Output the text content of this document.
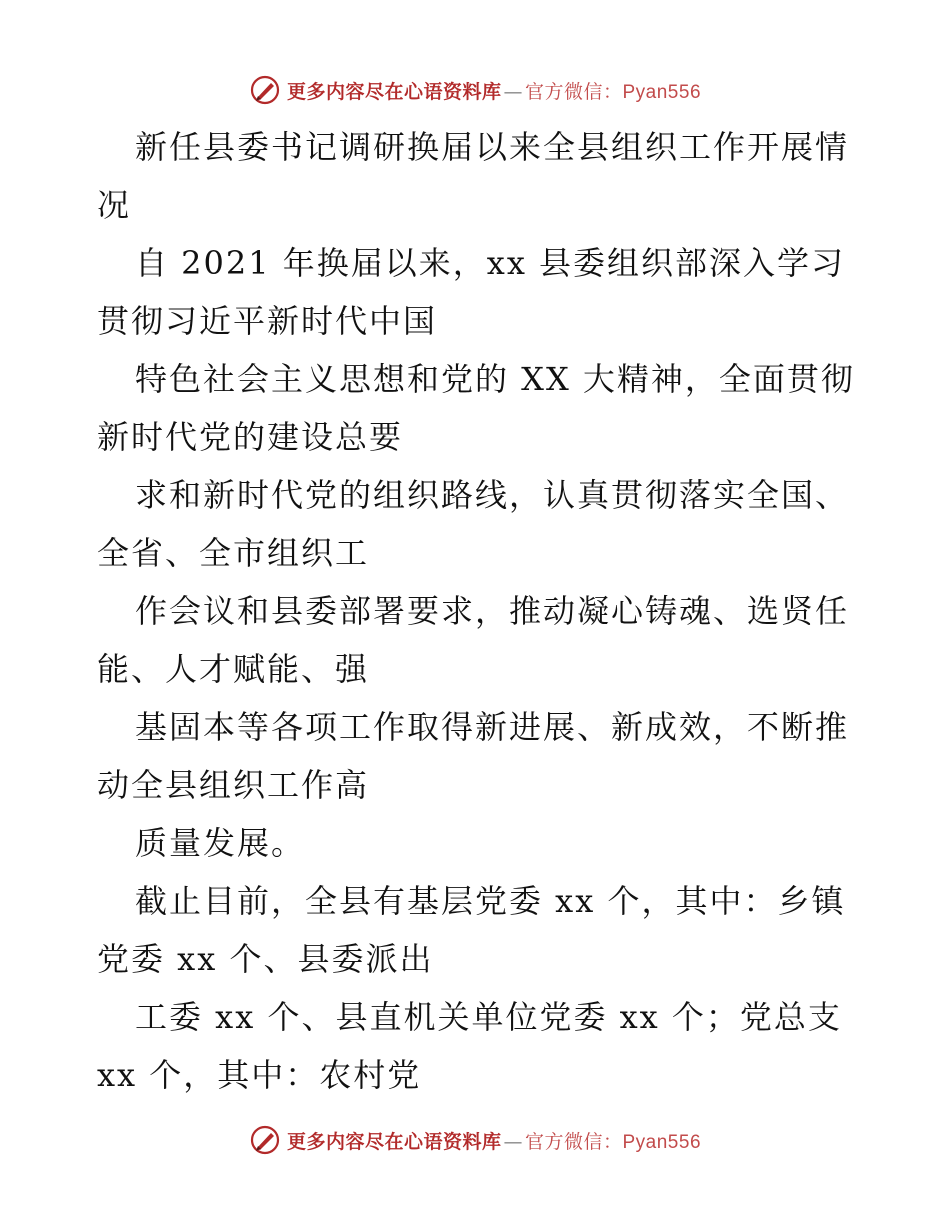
更多内容尽在心语资料库 — 官方微信：Pyan556

新任县委书记调研换届以来全县组织工作开展情况

自 2021 年换届以来，xx 县委组织部深入学习贯彻习近平新时代中国

特色社会主义思想和党的 XX 大精神，全面贯彻新时代党的建设总要

求和新时代党的组织路线，认真贯彻落实全国、全省、全市组织工

作会议和县委部署要求，推动凝心铸魂、选贤任能、人才赋能、强

基固本等各项工作取得新进展、新成效，不断推动全县组织工作高

质量发展。

截止目前，全县有基层党委 xx 个，其中：乡镇党委 xx 个、县委派出

工委 xx 个、县直机关单位党委 xx 个；党总支 xx 个，其中：农村党

更多内容尽在心语资料库 — 官方微信：Pyan556
